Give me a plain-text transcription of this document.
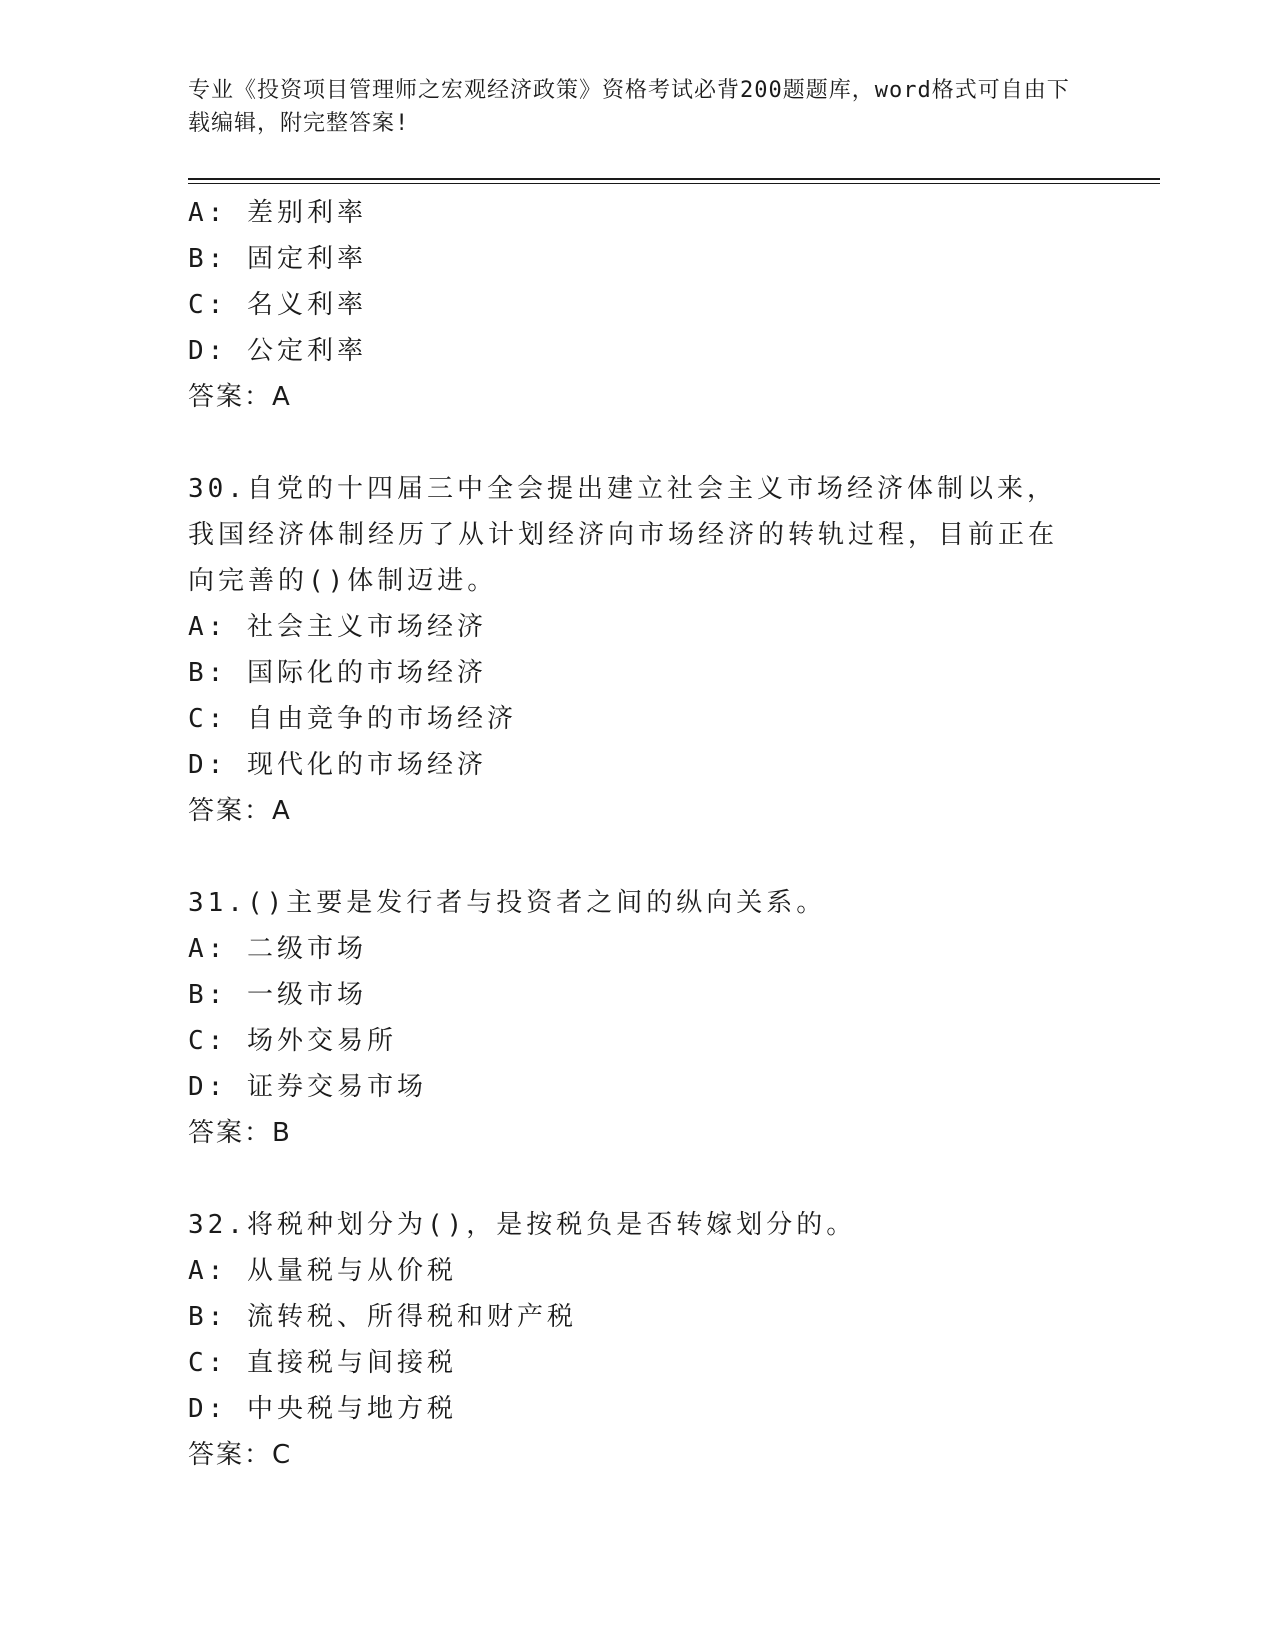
专业《投资项目管理师之宏观经济政策》资格考试必背200题题库，word格式可自由下载编辑，附完整答案!
A: 差别利率
B: 固定利率
C: 名义利率
D: 公定利率
答案：A
30.自党的十四届三中全会提出建立社会主义市场经济体制以来，我国经济体制经历了从计划经济向市场经济的转轨过程，目前正在向完善的()体制迈进。
A: 社会主义市场经济
B: 国际化的市场经济
C: 自由竞争的市场经济
D: 现代化的市场经济
答案：A
31.()主要是发行者与投资者之间的纵向关系。
A: 二级市场
B: 一级市场
C: 场外交易所
D: 证券交易市场
答案：B
32.将税种划分为()，是按税负是否转嫁划分的。
A: 从量税与从价税
B: 流转税、所得税和财产税
C: 直接税与间接税
D: 中央税与地方税
答案：C
